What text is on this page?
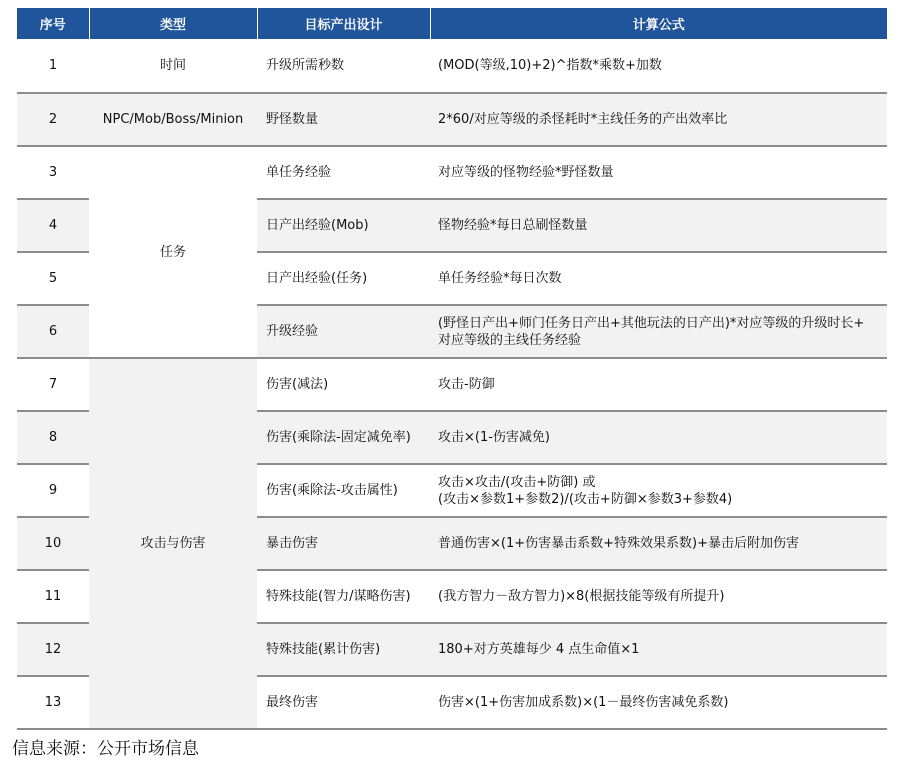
序号	类型	目标产出设计	计算公式
1	时间	升级所需秒数	(MOD(等级,10)+2)^指数*乘数+加数

2	NPC/Mob/Boss/Minion	野怪数量	2*60/对应等级的杀怪耗时*主线任务的产出效率比

3	任务	单任务经验	对应等级的怪物经验*野怪数量

4		日产出经验(Mob)	怪物经验*每日总刷怪数量

5		日产出经验(任务)	单任务经验*每日次数

6		升级经验	(野怪日产出+师门任务日产出+其他玩法的日产出)*对应等级的升级时长+
对应等级的主线任务经验

7	攻击与伤害	伤害(减法)	攻击-防御

8		伤害(乘除法-固定减免率)	攻击×(1-伤害减免)

9		伤害(乘除法-攻击属性)	攻击×攻击/(攻击+防御) 或
(攻击×参数1+参数2)/(攻击+防御×参数3+参数4)

10		暴击伤害	普通伤害×(1+伤害暴击系数+特殊效果系数)+暴击后附加伤害

11		特殊技能(智力/谋略伤害)	(我方智力－敌方智力)×8(根据技能等级有所提升)

12		特殊技能(累计伤害)	180+对方英雄每少 4 点生命值×1

13		最终伤害	伤害×(1+伤害加成系数)×(1－最终伤害减免系数)
信息来源：公开市场信息
